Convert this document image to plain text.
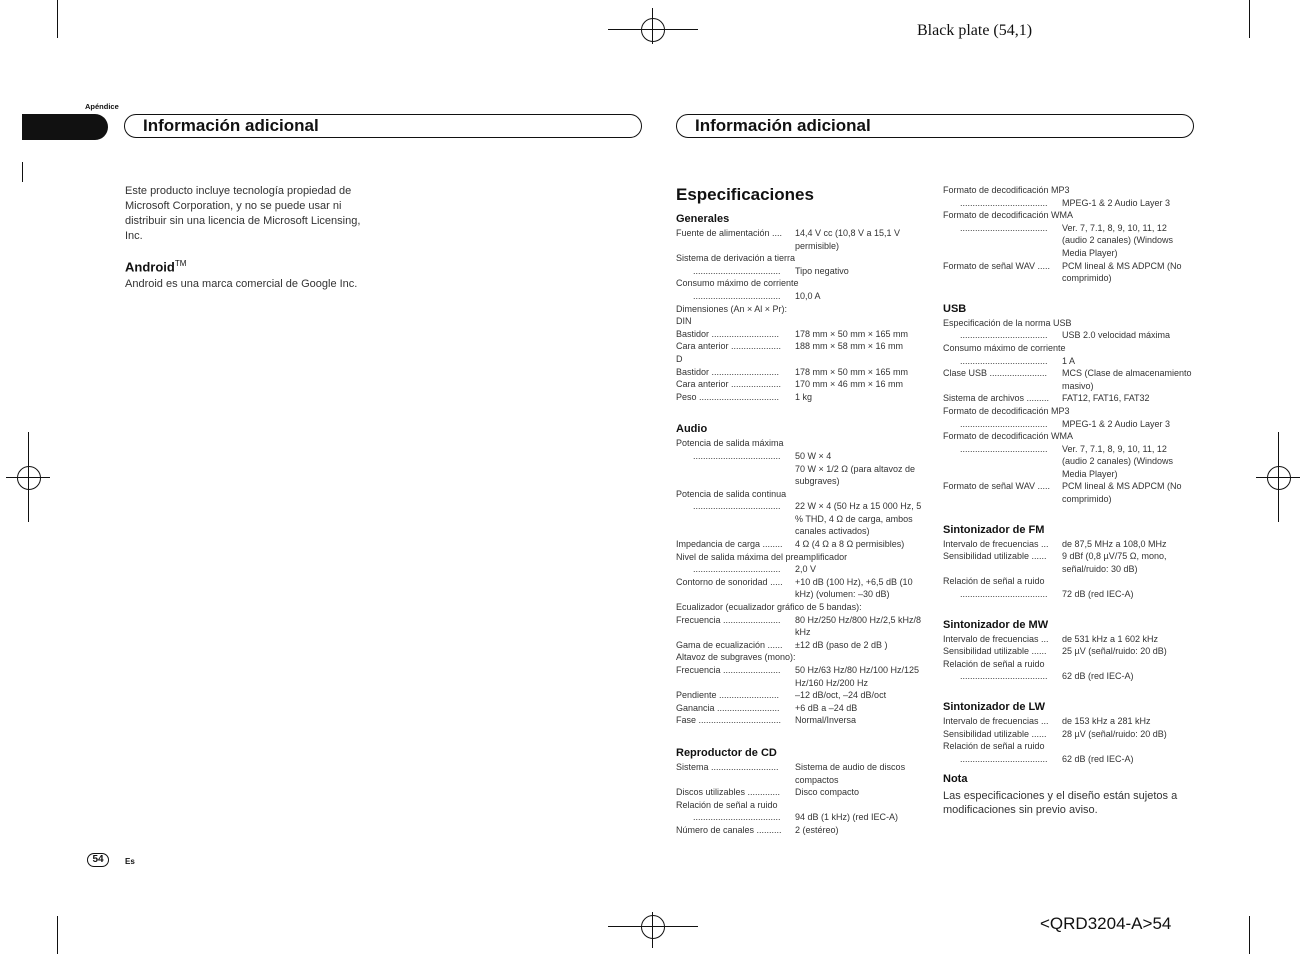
Black plate (54,1)
<QRD3204-A>54
Apéndice
Información adicional	Información adicional
Este producto incluye tecnología propiedad de Microsoft Corporation, y no se puede usar ni distribuir sin una licencia de Microsoft Licensing, Inc.
Android™
Android es una marca comercial de Google Inc.
54	Es
Especificaciones
Generales
Fuente de alimentación ....	14,4 V cc (10,8 V a 15,1 V permisible)
Sistema de derivación a tierra
...................................	Tipo negativo
Consumo máximo de corriente
...................................	10,0 A
Dimensiones (An × Al × Pr):
DIN
Bastidor ...........................	178 mm × 50 mm × 165 mm
Cara anterior ....................	188 mm × 58 mm × 16 mm
D
Bastidor ...........................	178 mm × 50 mm × 165 mm
Cara anterior ....................	170 mm × 46 mm × 16 mm
Peso ................................	1 kg
Audio
Potencia de salida máxima
...................................	50 W × 4
70 W × 1/2 Ω (para altavoz de subgraves)
Potencia de salida continua
...................................	22 W × 4 (50 Hz a 15 000 Hz, 5 % THD, 4 Ω de carga, ambos canales activados)
Impedancia de carga ........	4 Ω (4 Ω a 8 Ω permisibles)
Nivel de salida máxima del preamplificador
...................................	2,0 V
Contorno de sonoridad .....	+10 dB (100 Hz), +6,5 dB (10 kHz) (volumen: –30 dB)
Ecualizador (ecualizador gráfico de 5 bandas):
Frecuencia .......................	80 Hz/250 Hz/800 Hz/2,5 kHz/8 kHz
Gama de ecualización ......	±12 dB (paso de 2 dB )
Altavoz de subgraves (mono):
Frecuencia .......................	50 Hz/63 Hz/80 Hz/100 Hz/125 Hz/160 Hz/200 Hz
Pendiente ........................	–12 dB/oct, –24 dB/oct
Ganancia .........................	+6 dB a –24 dB
Fase .................................	Normal/Inversa
Reproductor de CD
Sistema ...........................	Sistema de audio de discos compactos
Discos utilizables .............	Disco compacto
Relación de señal a ruido
...................................	94 dB (1 kHz) (red IEC-A)
Número de canales ..........	2 (estéreo)
Formato de decodificación MP3
...................................	MPEG-1 & 2 Audio Layer 3
Formato de decodificación WMA
...................................	Ver. 7, 7.1, 8, 9, 10, 11, 12 (audio 2 canales) (Windows Media Player)
Formato de señal WAV .....	PCM lineal & MS ADPCM (No comprimido)
USB
Especificación de la norma USB
...................................	USB 2.0 velocidad máxima
Consumo máximo de corriente
...................................	1 A
Clase USB .......................	MCS (Clase de almacenamiento masivo)
Sistema de archivos .........	FAT12, FAT16, FAT32
Formato de decodificación MP3
...................................	MPEG-1 & 2 Audio Layer 3
Formato de decodificación WMA
...................................	Ver. 7, 7.1, 8, 9, 10, 11, 12 (audio 2 canales) (Windows Media Player)
Formato de señal WAV .....	PCM lineal & MS ADPCM (No comprimido)
Sintonizador de FM
Intervalo de frecuencias ...	de 87,5 MHz a 108,0 MHz
Sensibilidad utilizable ......	9 dBf (0,8 µV/75 Ω, mono, señal/ruido: 30 dB)
Relación de señal a ruido
...................................	72 dB (red IEC-A)
Sintonizador de MW
Intervalo de frecuencias ...	de 531 kHz a 1 602 kHz
Sensibilidad utilizable ......	25 µV (señal/ruido: 20 dB)
Relación de señal a ruido
...................................	62 dB (red IEC-A)
Sintonizador de LW
Intervalo de frecuencias ...	de 153 kHz a 281 kHz
Sensibilidad utilizable ......	28 µV (señal/ruido: 20 dB)
Relación de señal a ruido
...................................	62 dB (red IEC-A)
Nota
Las especificaciones y el diseño están sujetos a modificaciones sin previo aviso.
